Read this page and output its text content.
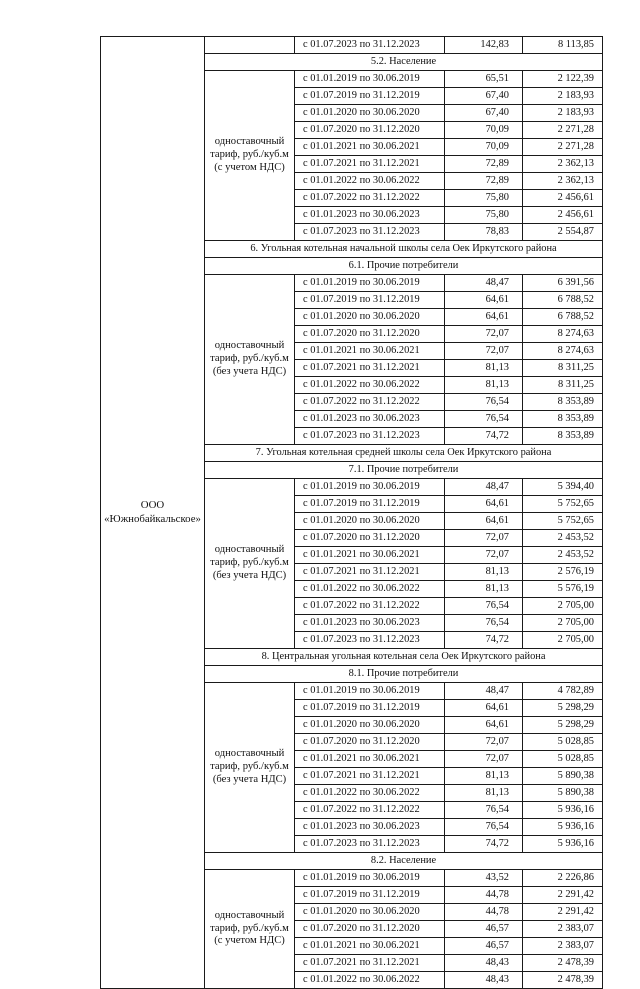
ООО «Южнобайкальское»		с 01.07.2023 по 31.12.2023	142,83	8 113,85
	5.2. Население			
	одноставочный тариф, руб./куб.м (с учетом НДС)	с 01.01.2019 по 30.06.2019	65,51	2 122,39
		с 01.07.2019 по 31.12.2019	67,40	2 183,93
		с 01.01.2020 по 30.06.2020	67,40	2 183,93
		с 01.07.2020 по 31.12.2020	70,09	2 271,28
		с 01.01.2021 по 30.06.2021	70,09	2 271,28
		с 01.07.2021 по 31.12.2021	72,89	2 362,13
		с 01.01.2022 по 30.06.2022	72,89	2 362,13
		с 01.07.2022 по 31.12.2022	75,80	2 456,61
		с 01.01.2023 по 30.06.2023	75,80	2 456,61
		с 01.07.2023 по 31.12.2023	78,83	2 554,87
	6. Угольная котельная начальной школы села Оек Иркутского района			
	6.1. Прочие потребители			
	одноставочный тариф, руб./куб.м (без учета НДС)	с 01.01.2019 по 30.06.2019	48,47	6 391,56
		с 01.07.2019 по 31.12.2019	64,61	6 788,52
		с 01.01.2020 по 30.06.2020	64,61	6 788,52
		с 01.07.2020 по 31.12.2020	72,07	8 274,63
		с 01.01.2021 по 30.06.2021	72,07	8 274,63
		с 01.07.2021 по 31.12.2021	81,13	8 311,25
		с 01.01.2022 по 30.06.2022	81,13	8 311,25
		с 01.07.2022 по 31.12.2022	76,54	8 353,89
		с 01.01.2023 по 30.06.2023	76,54	8 353,89
		с 01.07.2023 по 31.12.2023	74,72	8 353,89
	7. Угольная котельная средней школы села Оек Иркутского района			
	7.1. Прочие потребители			
	одноставочный тариф, руб./куб.м (без учета НДС)	с 01.01.2019 по 30.06.2019	48,47	5 394,40
		с 01.07.2019 по 31.12.2019	64,61	5 752,65
		с 01.01.2020 по 30.06.2020	64,61	5 752,65
		с 01.07.2020 по 31.12.2020	72,07	2 453,52
		с 01.01.2021 по 30.06.2021	72,07	2 453,52
		с 01.07.2021 по 31.12.2021	81,13	2 576,19
		с 01.01.2022 по 30.06.2022	81,13	5 576,19
		с 01.07.2022 по 31.12.2022	76,54	2 705,00
		с 01.01.2023 по 30.06.2023	76,54	2 705,00
		с 01.07.2023 по 31.12.2023	74,72	2 705,00
	8. Центральная угольная котельная села Оек Иркутского района			
	8.1. Прочие потребители			
	одноставочный тариф, руб./куб.м (без учета НДС)	с 01.01.2019 по 30.06.2019	48,47	4 782,89
		с 01.07.2019 по 31.12.2019	64,61	5 298,29
		с 01.01.2020 по 30.06.2020	64,61	5 298,29
		с 01.07.2020 по 31.12.2020	72,07	5 028,85
		с 01.01.2021 по 30.06.2021	72,07	5 028,85
		с 01.07.2021 по 31.12.2021	81,13	5 890,38
		с 01.01.2022 по 30.06.2022	81,13	5 890,38
		с 01.07.2022 по 31.12.2022	76,54	5 936,16
		с 01.01.2023 по 30.06.2023	76,54	5 936,16
		с 01.07.2023 по 31.12.2023	74,72	5 936,16
	8.2. Население			
	одноставочный тариф, руб./куб.м (с учетом НДС)	с 01.01.2019 по 30.06.2019	43,52	2 226,86
		с 01.07.2019 по 31.12.2019	44,78	2 291,42
		с 01.01.2020 по 30.06.2020	44,78	2 291,42
		с 01.07.2020 по 31.12.2020	46,57	2 383,07
		с 01.01.2021 по 30.06.2021	46,57	2 383,07
		с 01.07.2021 по 31.12.2021	48,43	2 478,39
		с 01.01.2022 по 30.06.2022	48,43	2 478,39
